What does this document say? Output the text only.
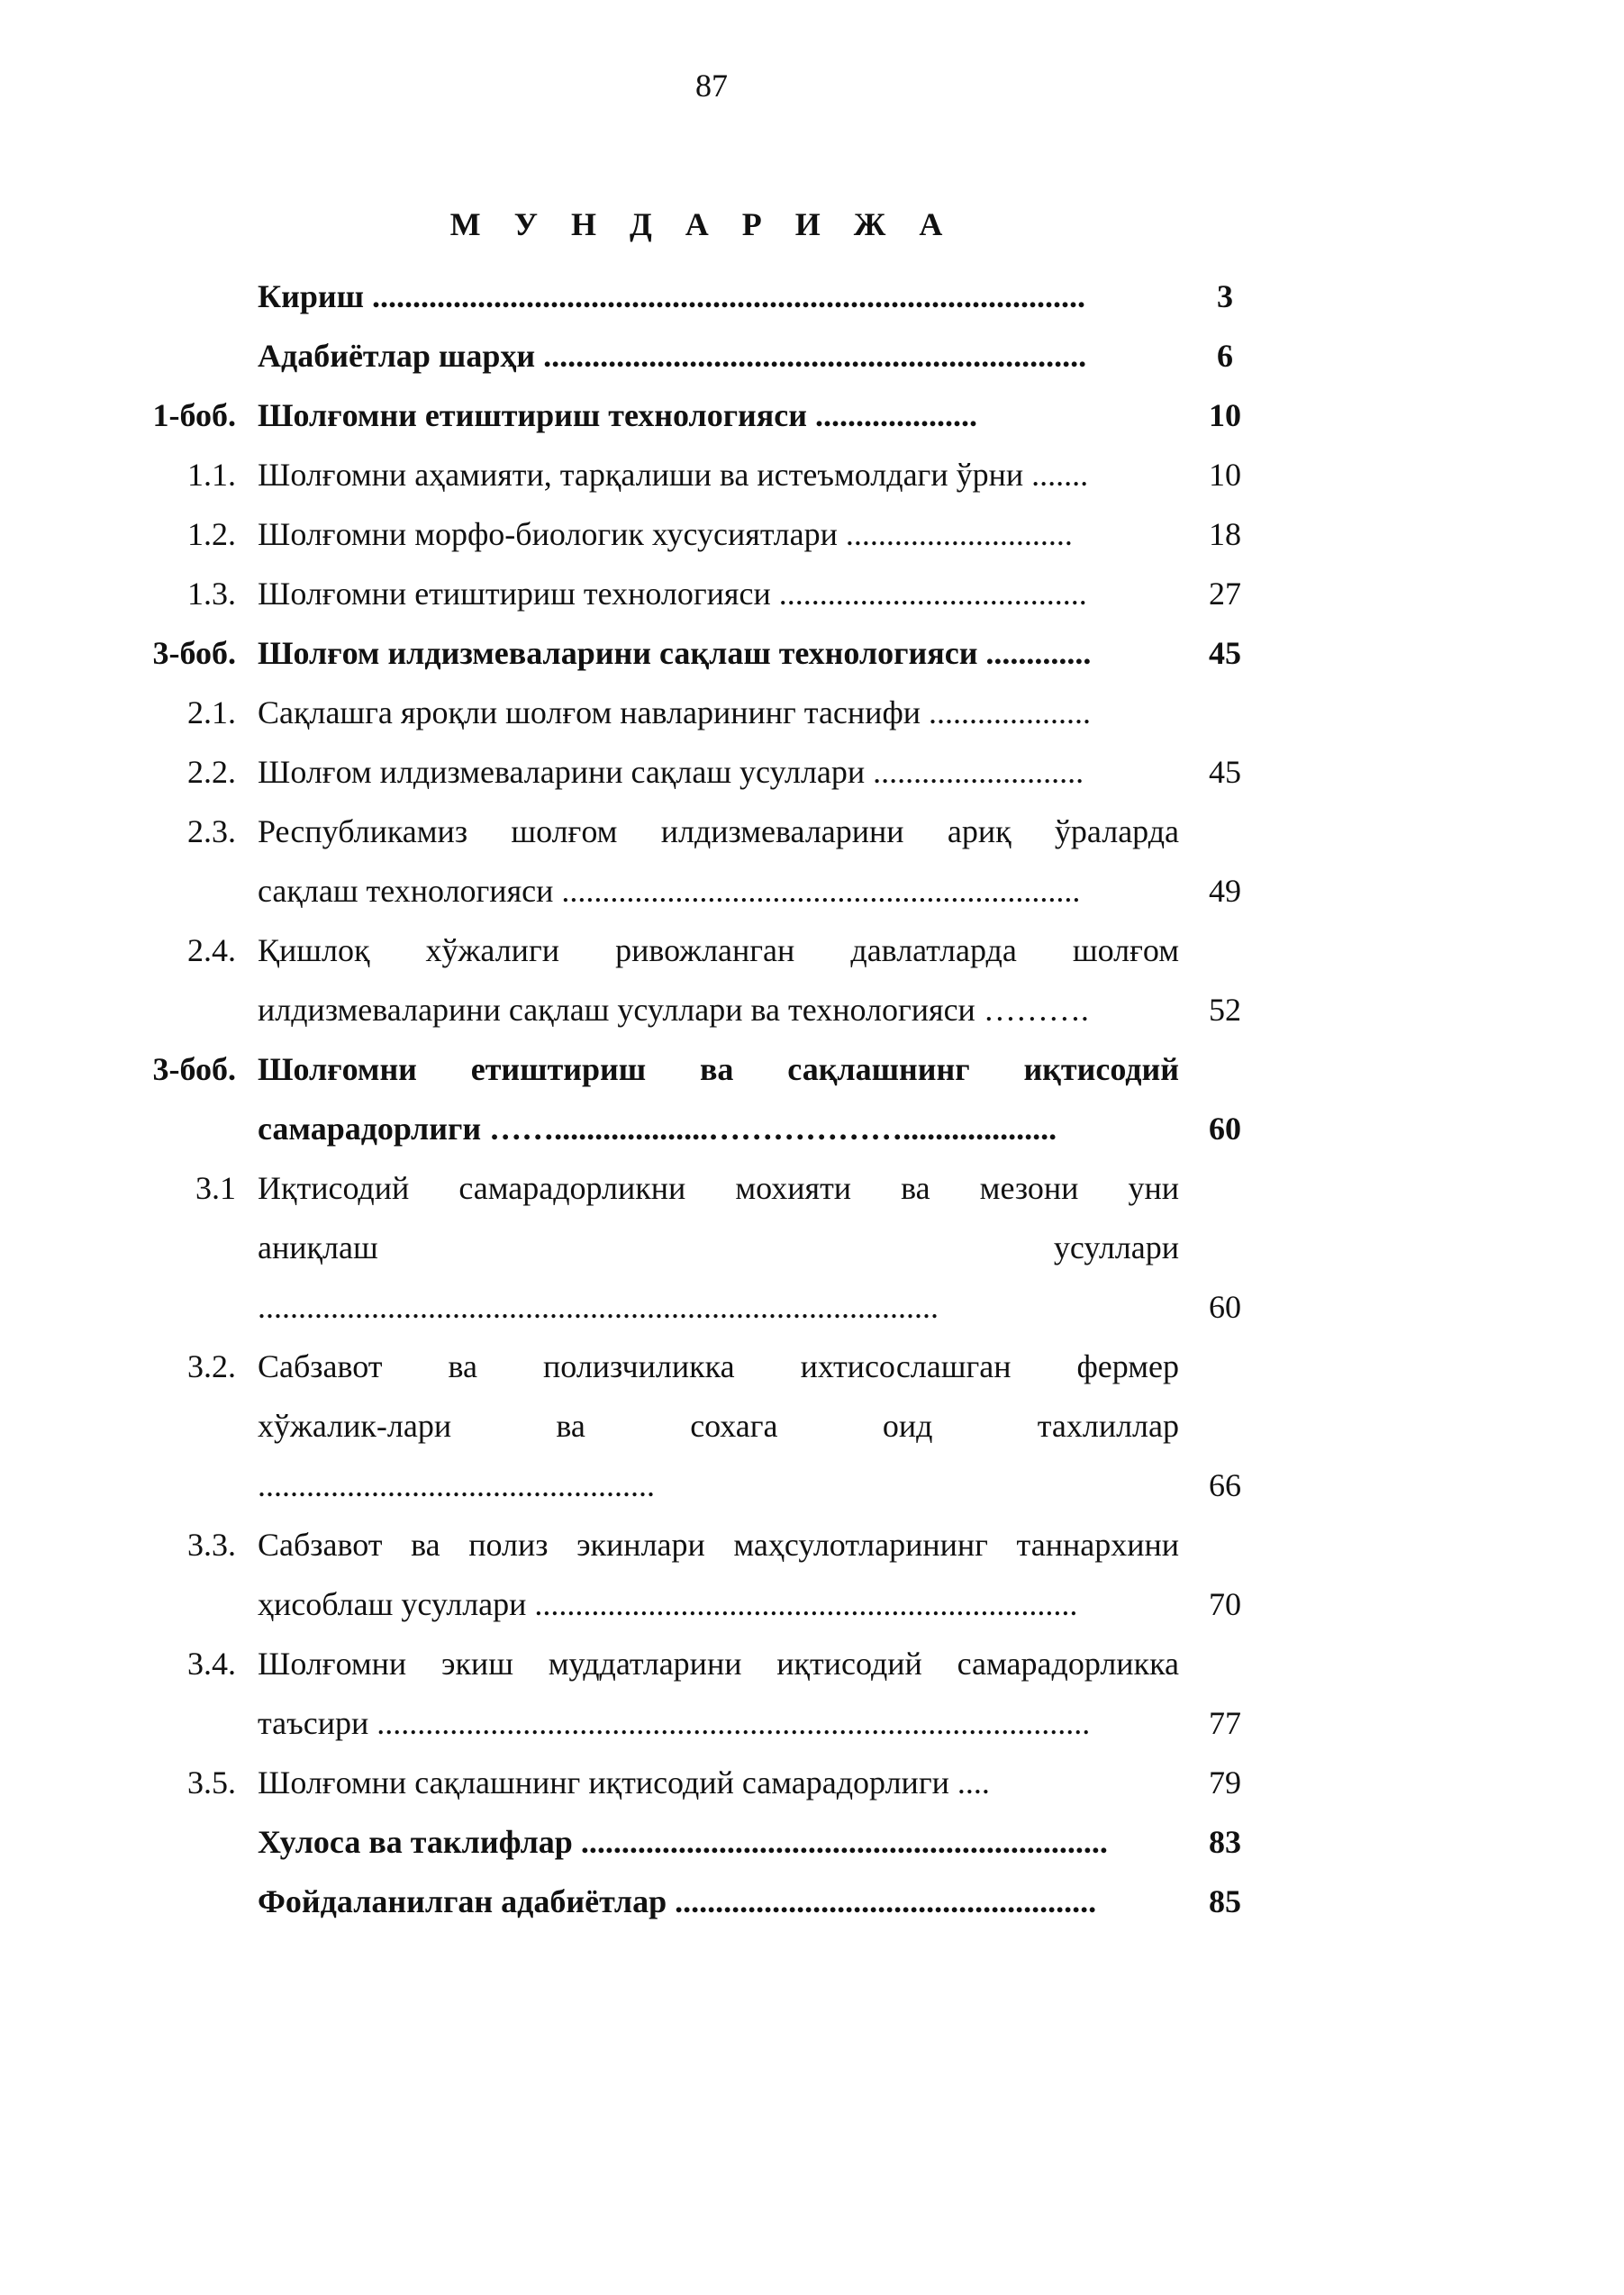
87
М У Н Д А Р И Ж А
Кириш ........................................................................................	3
Адабиётлар шарҳи ...................................................................	6
1-боб. Шолғомни етиштириш технологияси ....................	10
1.1. Шолғомни аҳамияти, тарқалиши ва истеъмолдаги ўрни .......	10
1.2. Шолғомни морфо-биологик хусусиятлари ............................	18
1.3. Шолғомни етиштириш технологияси ......................................	27
3-боб. Шолғом илдизмеваларини сақлаш технологияси .............	45
2.1. Сақлашга яроқли шолғом навларининг таснифи ....................
2.2. Шолғом илдизмеваларини сақлаш усуллари ..........................	45
2.3. Республикамиз шолғом илдизмеваларини ариқ ўраларда
сақлаш технологияси ................................................................	49
2.4. Қишлоқ хўжалиги ривожланган давлатларда шолғом
илдизмеваларини сақлаш усуллари ва технологияси ……….	52
3-боб. Шолғомни етиштириш ва сақлашнинг иқтисодий
самарадорлиги ……...................………………...................	60
3.1 Иқтисодий самарадорликни мохияти ва мезони уни
аниқлаш усуллари
....................................................................................	60
3.2. Сабзавот ва полизчиликка ихтисослашган фермер
хўжалик-лари ва сохага оид тахлиллар
.................................................	66
3.3. Сабзавот ва полиз экинлари маҳсулотларининг таннархини
ҳисоблаш усуллари ...................................................................	70
3.4. Шолғомни экиш муддатларини иқтисодий самарадорликка
таъсири ........................................................................................	77
3.5. Шолғомни сақлашнинг иқтисодий самарадорлиги ....	79
Хулоса ва таклифлар .................................................................	83
Фойдаланилган адабиётлар ....................................................	85
